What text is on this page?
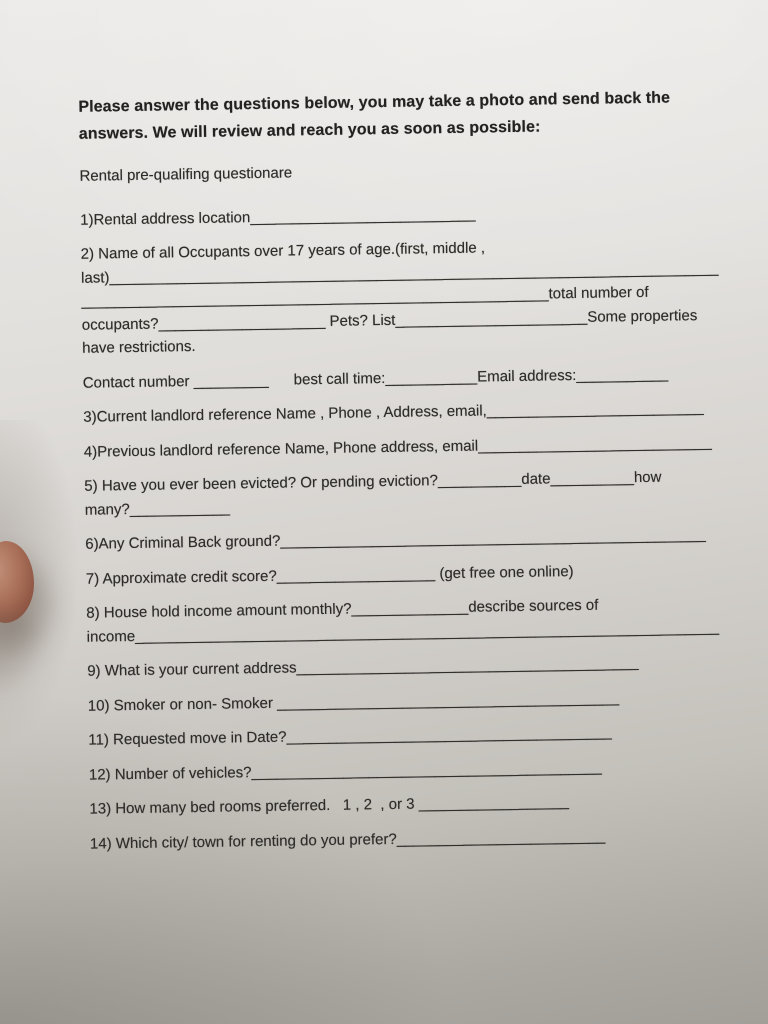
Please answer the questions below, you may take a photo and send back the
answers. We will review and reach you as soon as possible:
Rental pre-qualifing questionare
1)Rental address location___________________________
2) Name of all Occupants over 17 years of age.(first, middle ,
last)_________________________________________________________________________
________________________________________________________total number of
occupants?____________________ Pets? List_______________________Some properties
have restrictions.
Contact number _________      best call time:___________Email address:___________
3)Current landlord reference Name , Phone , Address, email,__________________________
4)Previous landlord reference Name, Phone address, email____________________________
5) Have you ever been evicted? Or pending eviction?__________date__________how
many?____________
6)Any Criminal Back ground?___________________________________________________
7) Approximate credit score?___________________ (get free one online)
8) House hold income amount monthly?______________describe sources of
income______________________________________________________________________
9) What is your current address_________________________________________
10) Smoker or non- Smoker _________________________________________
11) Requested move in Date?_______________________________________
12) Number of vehicles?__________________________________________
13) How many bed rooms preferred.   1 , 2  , or 3 __________________
14) Which city/ town for renting do you prefer?_________________________
